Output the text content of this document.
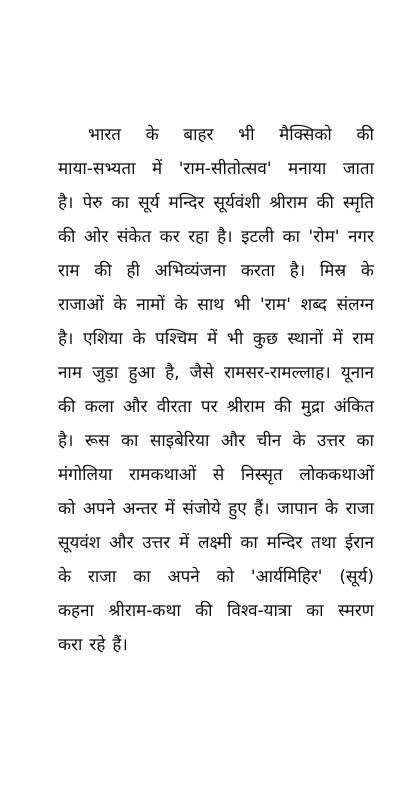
भारत के बाहर भी मैक्सिको की
माया-सभ्यता में 'राम-सीतोत्सव' मनाया जाता
है। पेरु का सूर्य मन्दिर सूर्यवंशी श्रीराम की स्मृति
की ओर संकेत कर रहा है। इटली का 'रोम' नगर
राम की ही अभिव्यंजना करता है। मिस्र के
राजाओं के नामों के साथ भी 'राम' शब्द संलग्न
है। एशिया के पश्चिम में भी कुछ स्थानों में राम
नाम जुड़ा हुआ है, जैसे रामसर-रामल्लाह। यूनान
की कला और वीरता पर श्रीराम की मुद्रा अंकित
है। रूस का साइबेरिया और चीन के उत्तर का
मंगोलिया रामकथाओं से निस्सृत लोककथाओं
को अपने अन्तर में संजोये हुए हैं। जापान के राजा
सूयवंश और उत्तर में लक्ष्मी का मन्दिर तथा ईरान
के राजा का अपने को 'आर्यमिहिर' (सूर्य)
कहना श्रीराम-कथा की विश्व-यात्रा का स्मरण
करा रहे हैं।
